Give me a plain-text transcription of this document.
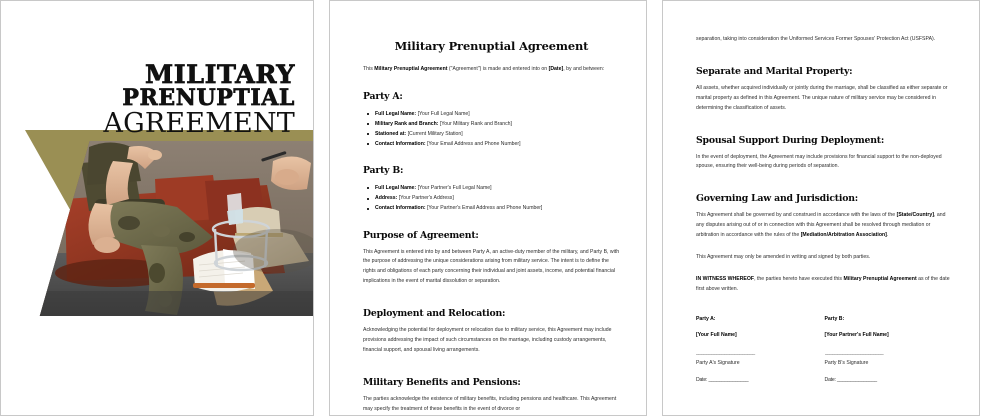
MILITARY
PRENUPTIAL
AGREEMENT
Military Prenuptial Agreement

This Military Prenuptial Agreement ("Agreement") is made and entered into on [Date], by and between:

Party A:
Full Legal Name: [Your Full Legal Name]
Military Rank and Branch: [Your Military Rank and Branch]
Stationed at: [Current Military Station]
Contact Information: [Your Email Address and Phone Number]
Party B:
Full Legal Name: [Your Partner's Full Legal Name]
Address: [Your Partner's Address]
Contact Information: [Your Partner's Email Address and Phone Number]
Purpose of Agreement:

This Agreement is entered into by and between Party A, an active-duty member of the military, and Party B, with the purpose of addressing the unique considerations arising from military service. The intent is to define the rights and obligations of each party concerning their individual and joint assets, income, and potential financial implications in the event of marital dissolution or separation.

Deployment and Relocation:

Acknowledging the potential for deployment or relocation due to military service, this Agreement may include provisions addressing the impact of such circumstances on the marriage, including custody arrangements, financial support, and spousal living arrangements.

Military Benefits and Pensions:

The parties acknowledge the existence of military benefits, including pensions and healthcare. This Agreement may specify the treatment of these benefits in the event of divorce or

separation, taking into consideration the Uniformed Services Former Spouses' Protection Act (USFSPA).

Separate and Marital Property:

All assets, whether acquired individually or jointly during the marriage, shall be classified as either separate or marital property as defined in this Agreement. The unique nature of military service may be considered in determining the classification of assets.

Spousal Support During Deployment:

In the event of deployment, the Agreement may include provisions for financial support to the non-deployed spouse, ensuring their well-being during periods of separation.

Governing Law and Jurisdiction:

This Agreement shall be governed by and construed in accordance with the laws of the [State/Country], and any disputes arising out of or in connection with this Agreement shall be resolved through mediation or arbitration in accordance with the rules of the [Mediation/Arbitration Association].

This Agreement may only be amended in writing and signed by both parties.

IN WITNESS WHEREOF, the parties hereto have executed this Military Prenuptial Agreement as of the date first above written.

Party A:
[Your Full Name]
_______________________
Party A's Signature
Date: _______________
Party B:
[Your Partner's Full Name]
_______________________
Party B's Signature
Date: _______________
